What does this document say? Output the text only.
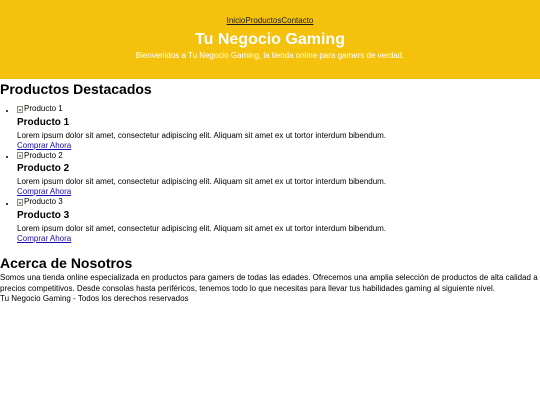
Inicio Productos Contacto
Tu Negocio Gaming

Bienvenidos a Tu Negocio Gaming, la tienda online para gamers de verdad.

Productos Destacados
• Producto 1
Producto 1

Lorem ipsum dolor sit amet, consectetur adipiscing elit. Aliquam sit amet ex ut tortor interdum bibendum.

Comprar Ahora
• Producto 2
Producto 2

Lorem ipsum dolor sit amet, consectetur adipiscing elit. Aliquam sit amet ex ut tortor interdum bibendum.

Comprar Ahora
• Producto 3
Producto 3

Lorem ipsum dolor sit amet, consectetur adipiscing elit. Aliquam sit amet ex ut tortor interdum bibendum.

Comprar Ahora
Acerca de Nosotros

Somos una tienda online especializada en productos para gamers de todas las edades. Ofrecemos una amplia selección de productos de alta calidad a precios competitivos. Desde consolas hasta periféricos, tenemos todo lo que necesitas para llevar tus habilidades gaming al siguiente nivel.

Tu Negocio Gaming - Todos los derechos reservados
